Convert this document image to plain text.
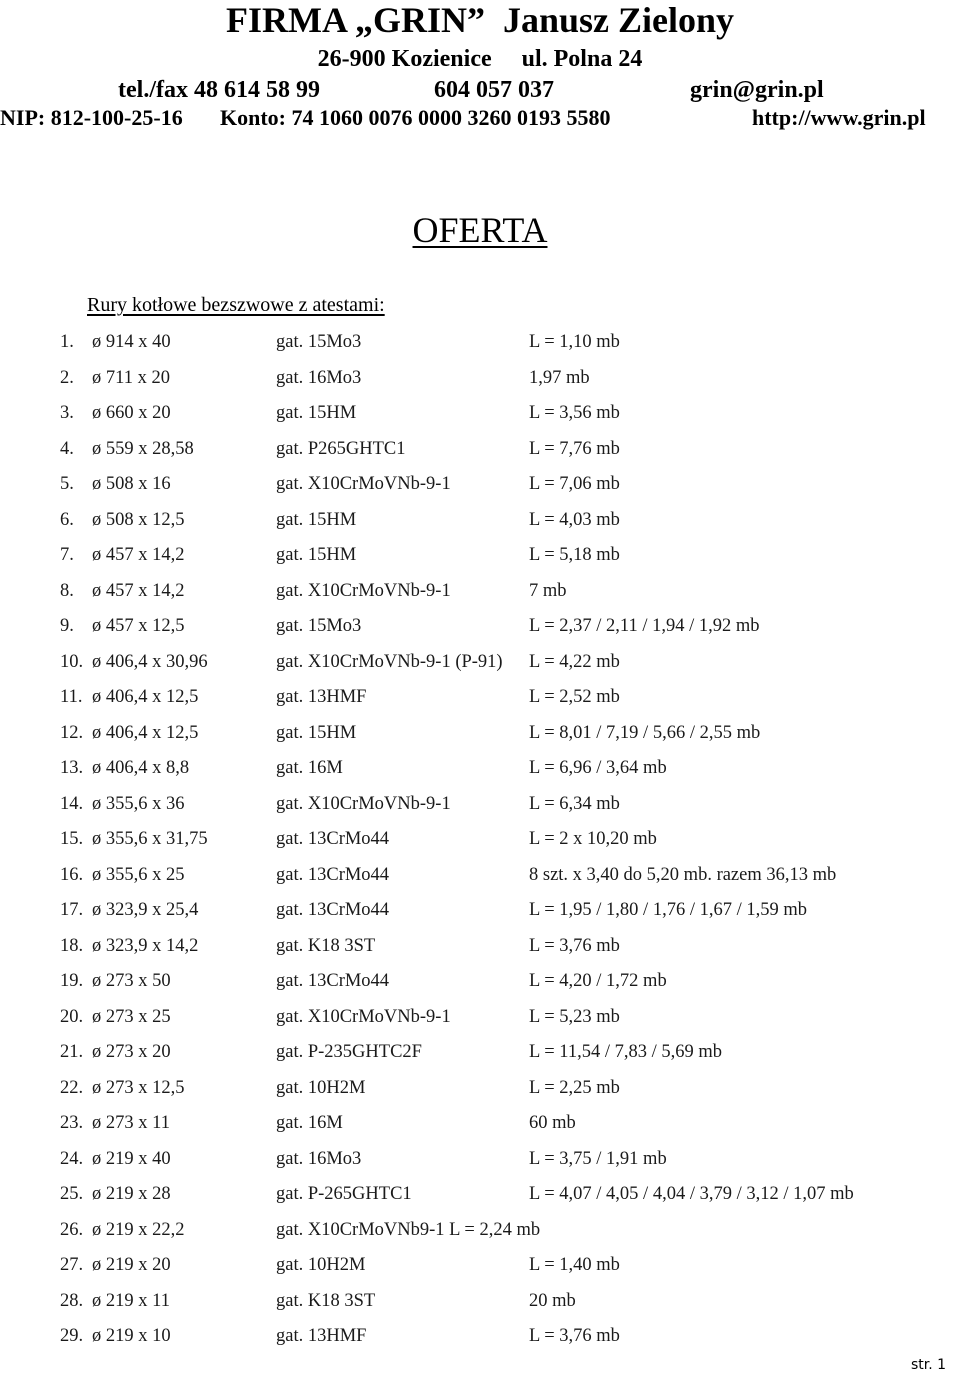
FIRMA „GRIN”  Janusz Zielony
26-900 Kozienice     ul. Polna 24
tel./fax 48 614 58 99	604 057 037	grin@grin.pl
NIP: 812-100-25-16 Konto: 74 1060 0076 0000 3260 0193 5580	http://www.grin.pl
OFERTA
Rury kotłowe bezszwowe z atestami:
1. ø 914 x 40	gat. 15Mo3	L = 1,10 mb
2. ø 711 x 20	gat. 16Mo3	1,97 mb
3. ø 660 x 20	gat. 15HM	L = 3,56 mb
4. ø 559 x 28,58	gat. P265GHTC1	L = 7,76 mb
5. ø 508 x 16	gat. X10CrMoVNb-9-1	L = 7,06 mb
6. ø 508 x 12,5	gat. 15HM	L = 4,03 mb
7. ø 457 x 14,2	gat. 15HM	L = 5,18 mb
8. ø 457 x 14,2	gat. X10CrMoVNb-9-1	7 mb
9. ø 457 x 12,5	gat. 15Mo3	L = 2,37 / 2,11 / 1,94 / 1,92 mb
10. ø 406,4 x 30,96	gat. X10CrMoVNb-9-1 (P-91) L = 4,22 mb
11. ø 406,4 x 12,5	gat. 13HMF	L = 2,52 mb
12. ø 406,4 x 12,5	gat. 15HM	L = 8,01 / 7,19 / 5,66 / 2,55 mb
13. ø 406,4 x 8,8	gat. 16M	L = 6,96 / 3,64 mb
14. ø 355,6 x 36	gat. X10CrMoVNb-9-1	L = 6,34 mb
15. ø 355,6 x 31,75	gat. 13CrMo44	L = 2 x 10,20 mb
16. ø 355,6 x 25	gat. 13CrMo44	8 szt. x 3,40 do 5,20 mb. razem 36,13 mb
17. ø 323,9 x 25,4	gat. 13CrMo44	L = 1,95 / 1,80 / 1,76 / 1,67 / 1,59 mb
18. ø 323,9 x 14,2	gat. K18 3ST	L = 3,76 mb
19. ø 273 x 50	gat. 13CrMo44	L = 4,20 / 1,72 mb
20. ø 273 x 25	gat. X10CrMoVNb-9-1	L = 5,23 mb
21. ø 273 x 20	gat. P-235GHTC2F	L = 11,54 / 7,83 / 5,69 mb
22. ø 273 x 12,5	gat. 10H2M	L = 2,25 mb
23. ø 273 x 11	gat. 16M	60 mb
24. ø 219 x 40	gat. 16Mo3	L = 3,75 / 1,91 mb
25. ø 219 x 28	gat. P-265GHTC1	L = 4,07 / 4,05 / 4,04 / 3,79 / 3,12 / 1,07 mb
26. ø 219 x 22,2	gat. X10CrMoVNb9-1 L = 2,24 mb
27. ø 219 x 20	gat. 10H2M	L = 1,40 mb
28. ø 219 x 11	gat. K18 3ST	20 mb
29. ø 219 x 10	gat. 13HMF	L = 3,76 mb
str. 1
